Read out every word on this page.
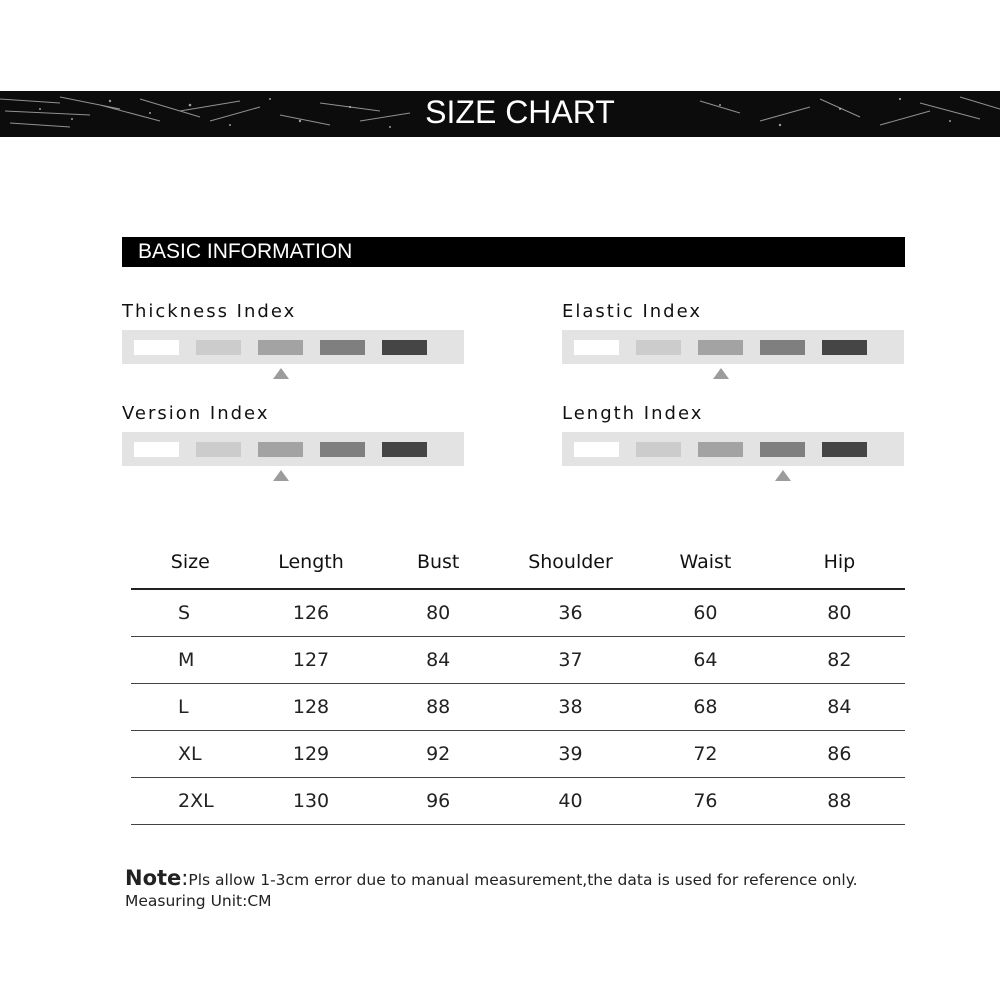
SIZE CHART
BASIC INFORMATION
Thickness Index	Elastic Index
Version Index	Length Index
Size	Length	Bust	Shoulder	Waist	Hip
S	126	80	36	60	80
M	127	84	37	64	82
L	128	88	38	68	84
XL	129	92	39	72	86
2XL	130	96	40	76	88
Note:Pls allow 1-3cm error due to manual measurement,the data is used for reference only.
Measuring Unit:CM
